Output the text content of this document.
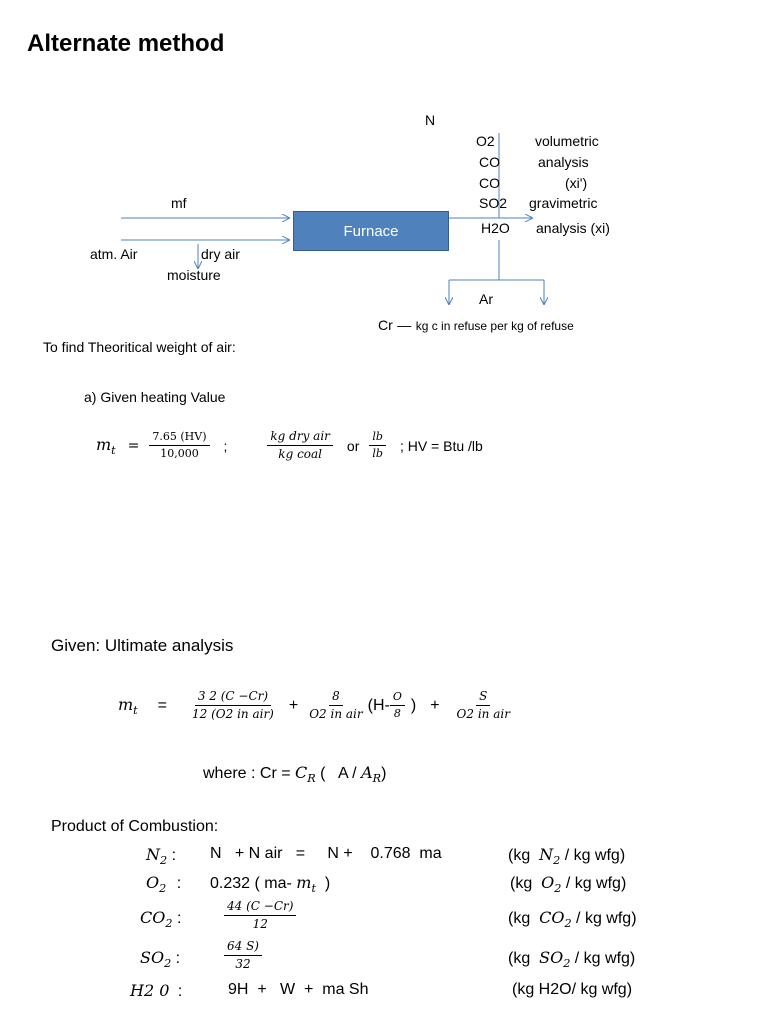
Alternate method
Furnace
N
O2
CO
CO
SO2
H2O
volumetric
analysis
(xi')
gravimetric
analysis (xi)
mf
atm. Air	dry air
moisture
Ar
Cr — kg c in refuse per kg of refuse
To find Theoritical weight of air:
a) Given heating Value
$m_t = \frac{7.65 (HV)}{10,000}$ ;	$\frac{\text{kg dry air}}{\text{kg coal}}$ or $\frac{lb}{lb}$ ; HV = Btu /lb
Given: Ultimate analysis
$m_t = \frac{3 2 (C -Cr)}{\text{12 (O2 in air)}} + \frac{8}{\text{O2 in air}} (H- \frac{O}{8}$ ) + $\frac{S}{\text{O2 in air}}$
where : $Cr = C_R$ (   A / $A_R$)
Product of Combustion:
$N_2$ : N   + N air   =     N +    0.768  ma	(kg  $N_2$ / kg wfg)
$O_2$ : 0.232 ( ma- $m_t$  )	(kg  $O_2$ / kg wfg)
$CO_2$ :	$\frac{44 (C -Cr)}{12}$	(kg  $CO_2$ / kg wfg)
$SO_2$ :	$\frac{64 S)}{32}$	(kg  $SO_2$ / kg wfg)
H2 0 :	9H  +   W  +  ma Sh	(kg H2O/ kg wfg)
